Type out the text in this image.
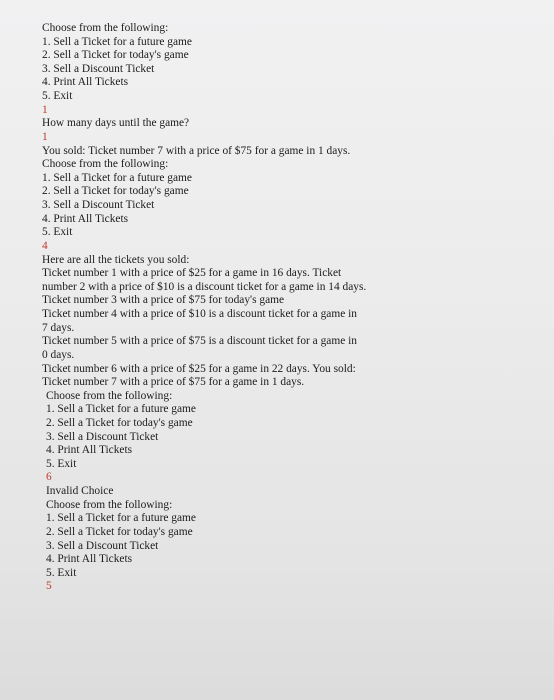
Choose from the following:
1. Sell a Ticket for a future game
2. Sell a Ticket for today's game
3. Sell a Discount Ticket
4. Print All Tickets
5. Exit
1
How many days until the game?
1
You sold: Ticket number 7 with a price of $75 for a game in 1 days.
Choose from the following:
1. Sell a Ticket for a future game
2. Sell a Ticket for today's game
3. Sell a Discount Ticket
4. Print All Tickets
5. Exit
4
Here are all the tickets you sold:
Ticket number 1 with a price of $25 for a game in 16 days. Ticket
number 2 with a price of $10 is a discount ticket for a game in 14 days.
Ticket number 3 with a price of $75 for today's game
Ticket number 4 with a price of $10 is a discount ticket for a game in
7 days.
Ticket number 5 with a price of $75 is a discount ticket for a game in
0 days.
Ticket number 6 with a price of $25 for a game in 22 days. You sold:
Ticket number 7 with a price of $75 for a game in 1 days.
Choose from the following:
1. Sell a Ticket for a future game
2. Sell a Ticket for today's game
3. Sell a Discount Ticket
4. Print All Tickets
5. Exit
6
Invalid Choice
Choose from the following:
1. Sell a Ticket for a future game
2. Sell a Ticket for today's game
3. Sell a Discount Ticket
4. Print All Tickets
5. Exit
5
